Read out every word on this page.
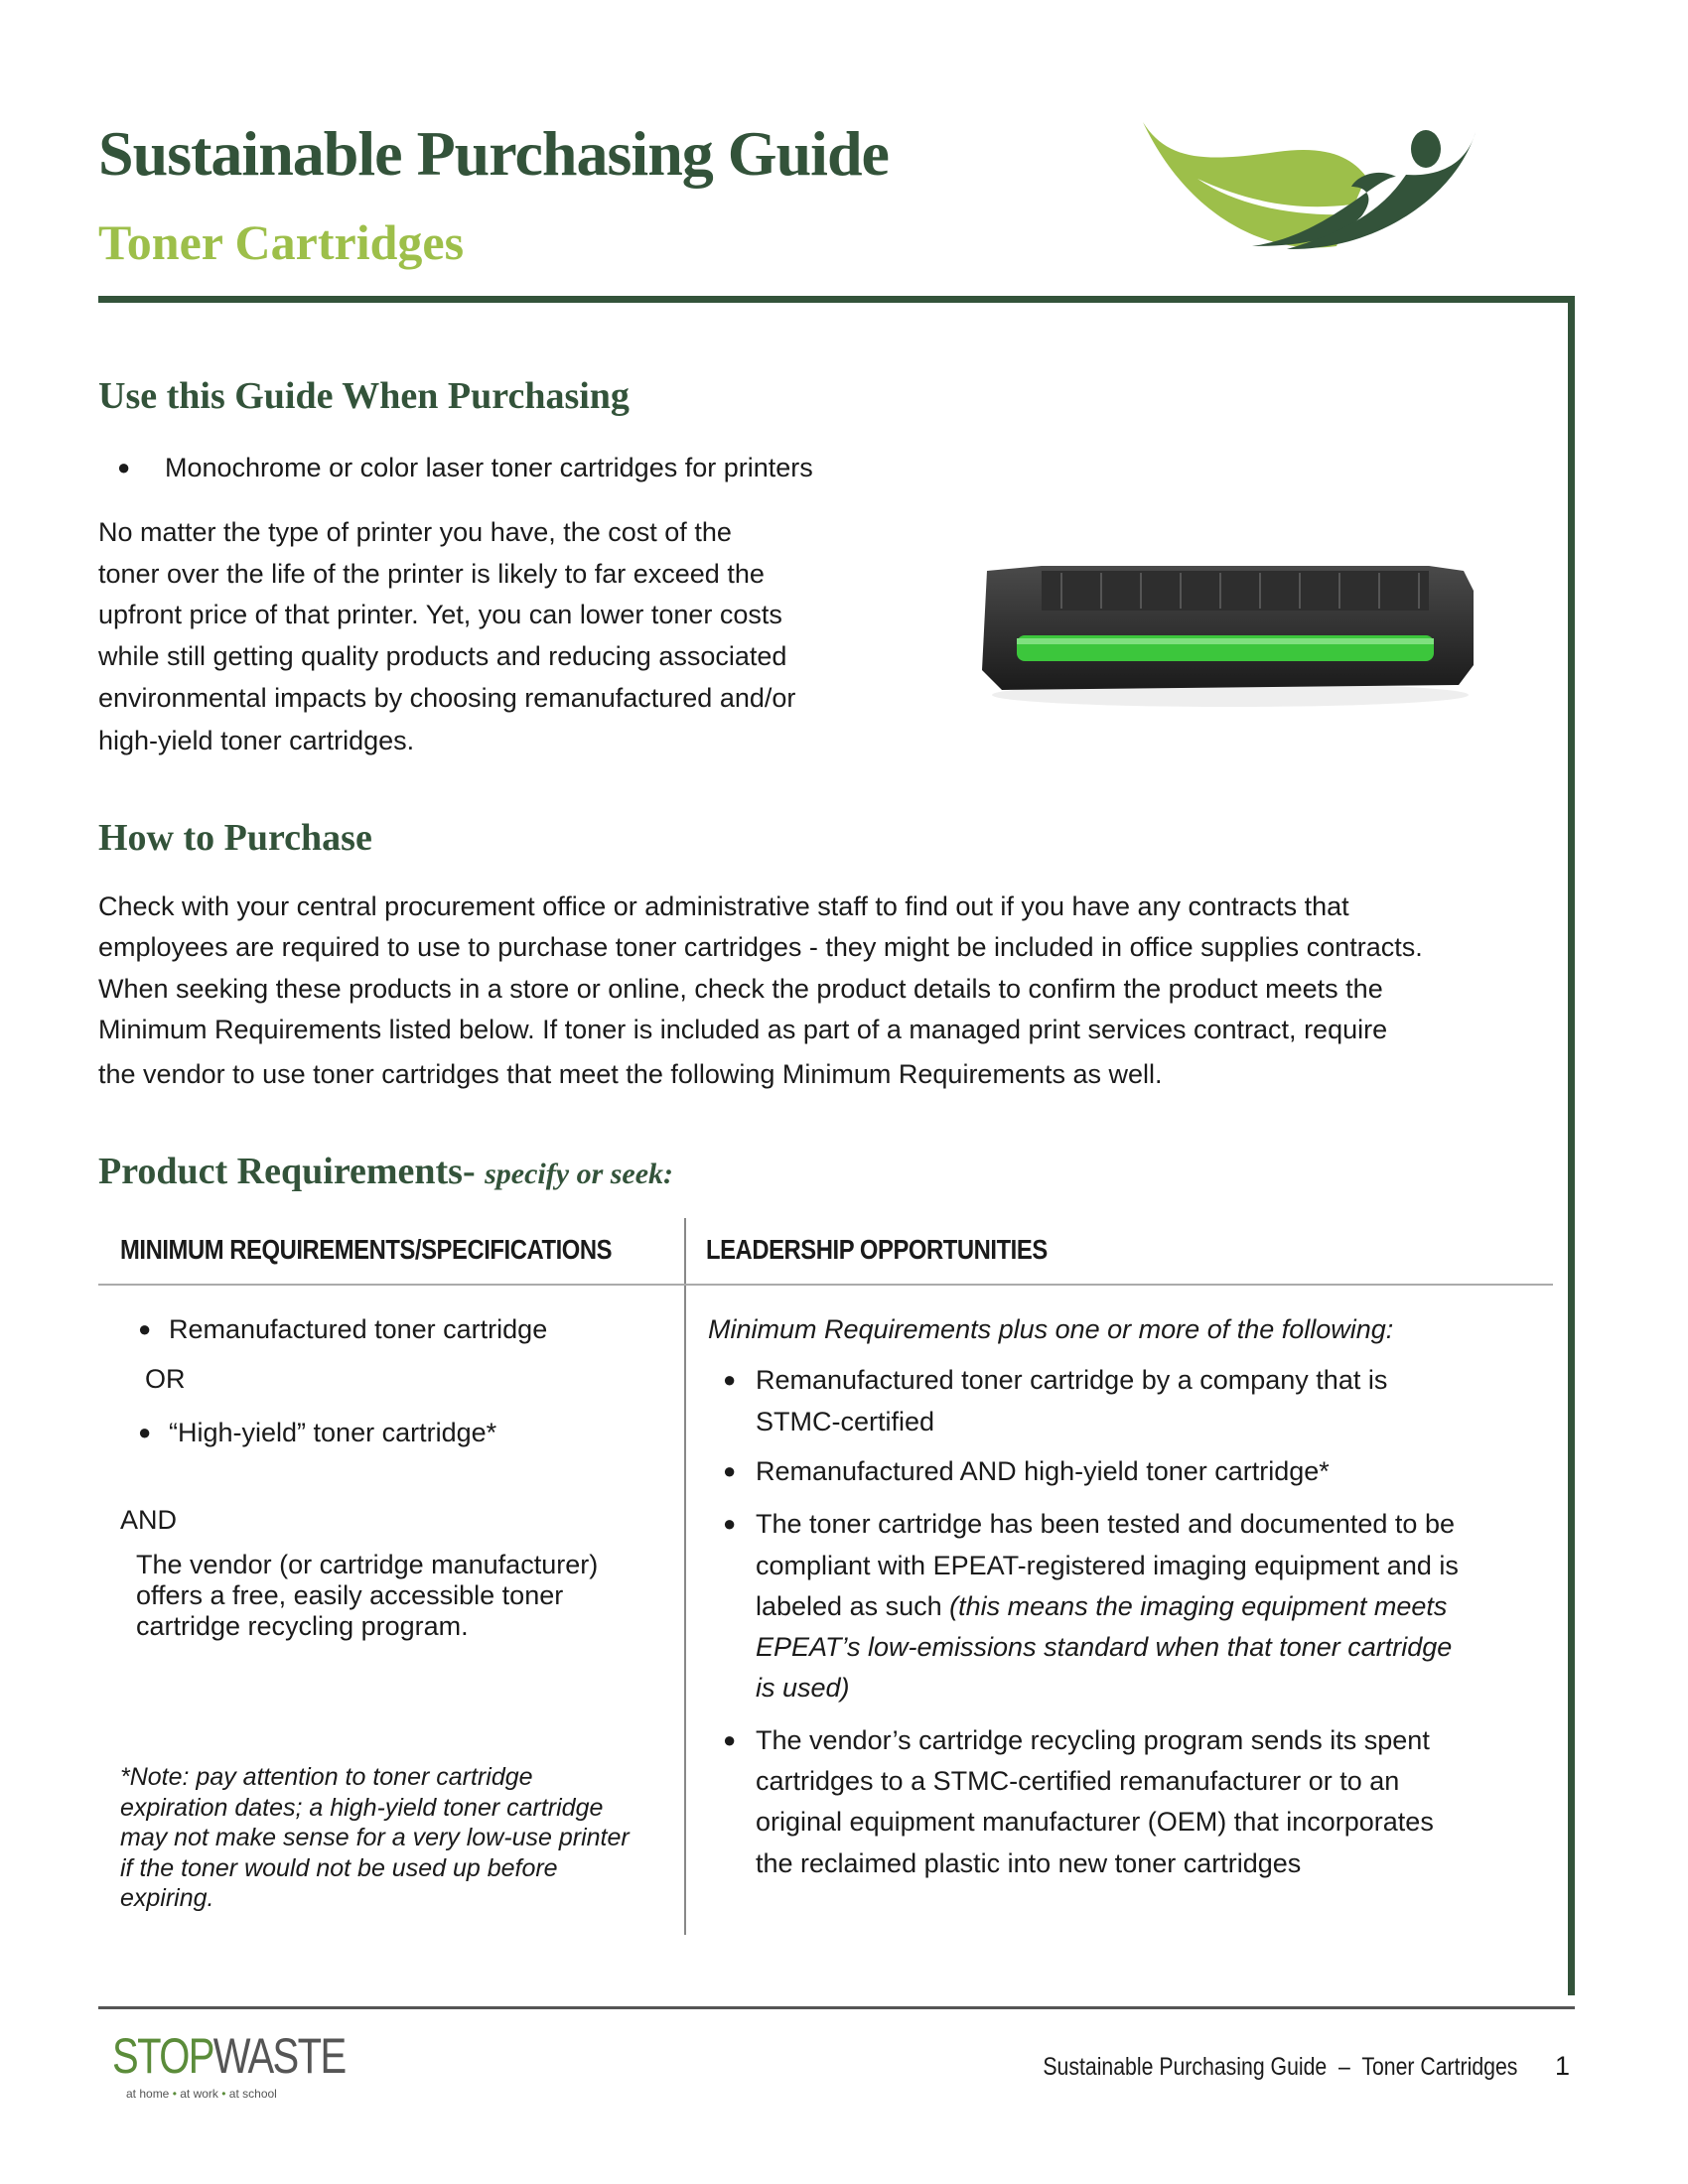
Sustainable Purchasing Guide
Toner Cartridges
Use this Guide When Purchasing
● Monochrome or color laser toner cartridges for printers
No matter the type of printer you have, the cost of the
toner over the life of the printer is likely to far exceed the
upfront price of that printer. Yet, you can lower toner costs
while still getting quality products and reducing associated
environmental impacts by choosing remanufactured and/or
high-yield toner cartridges.
How to Purchase
Check with your central procurement office or administrative staff to find out if you have any contracts that
employees are required to use to purchase toner cartridges - they might be included in office supplies contracts.
When seeking these products in a store or online, check the product details to confirm the product meets the
Minimum Requirements listed below. If toner is included as part of a managed print services contract, require
the vendor to use toner cartridges that meet the following Minimum Requirements as well.
Product Requirements- specify or seek:
MINIMUM REQUIREMENTS/SPECIFICATIONS	LEADERSHIP OPPORTUNITIES
● Remanufactured toner cartridge
OR
● “High-yield” toner cartridge*
AND
The vendor (or cartridge manufacturer)
offers a free, easily accessible toner
cartridge recycling program.
*Note: pay attention to toner cartridge
expiration dates; a high-yield toner cartridge
may not make sense for a very low-use printer
if the toner would not be used up before
expiring.
Minimum Requirements plus one or more of the following:
● Remanufactured toner cartridge by a company that is
STMC-certified
● Remanufactured AND high-yield toner cartridge*
● The toner cartridge has been tested and documented to be
compliant with EPEAT-registered imaging equipment and is
labeled as such (this means the imaging equipment meets
EPEAT’s low-emissions standard when that toner cartridge
is used)
● The vendor’s cartridge recycling program sends its spent
cartridges to a STMC-certified remanufacturer or to an
original equipment manufacturer (OEM) that incorporates
the reclaimed plastic into new toner cartridges
STOPWASTE
at home • at work • at school
Sustainable Purchasing Guide – Toner Cartridges 1
